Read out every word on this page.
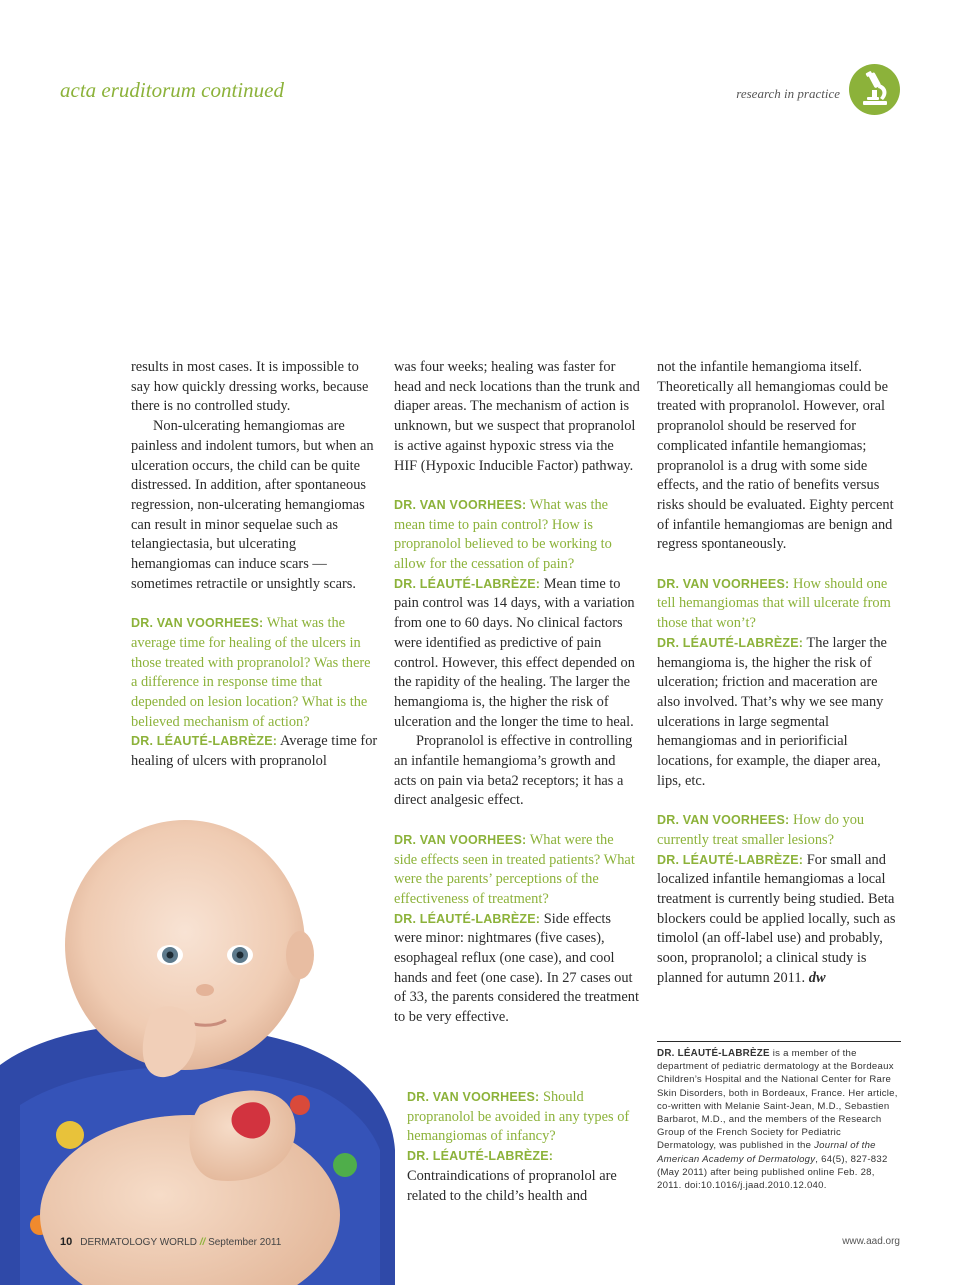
acta eruditorum continued	research in practice

results in most cases. It is impossible to say how quickly dressing works, because there is no controlled study.

Non-ulcerating hemangiomas are painless and indolent tumors, but when an ulceration occurs, the child can be quite distressed. In addition, after spontaneous regression, non-ulcerating hemangiomas can result in minor sequelae such as telangiectasia, but ulcerating hemangiomas can induce scars — sometimes retractile or unsightly scars.

DR. VAN VOORHEES: What was the average time for healing of the ulcers in those treated with propranolol? Was there a difference in response time that depended on lesion location? What is the believed mechanism of action?

DR. LÉAUTÉ-LABRÈZE: Average time for healing of ulcers with propranolol

was four weeks; healing was faster for head and neck locations than the trunk and diaper areas. The mechanism of action is unknown, but we suspect that propranolol is active against hypoxic stress via the HIF (Hypoxic Inducible Factor) pathway.

DR. VAN VOORHEES: What was the mean time to pain control? How is propranolol believed to be working to allow for the cessation of pain?

DR. LÉAUTÉ-LABRÈZE: Mean time to pain control was 14 days, with a variation from one to 60 days. No clinical factors were identified as predictive of pain control. However, this effect depended on the rapidity of the healing. The larger the hemangioma is, the higher the risk of ulceration and the longer the time to heal.

Propranolol is effective in controlling an infantile hemangioma’s growth and acts on pain via beta2 receptors; it has a direct analgesic effect.

DR. VAN VOORHEES: What were the side effects seen in treated patients? What were the parents’ perceptions of the effectiveness of treatment?

DR. LÉAUTÉ-LABRÈZE: Side effects were minor: nightmares (five cases), esophageal reflux (one case), and cool hands and feet (one case). In 27 cases out of 33, the parents considered the treatment to be very effective.

DR. VAN VOORHEES: Should propranolol be avoided in any types of hemangiomas of infancy?

DR. LÉAUTÉ-LABRÈZE:

Contraindications of propranolol are related to the child’s health and

not the infantile hemangioma itself. Theoretically all hemangiomas could be treated with propranolol. However, oral propranolol should be reserved for complicated infantile hemangiomas; propranolol is a drug with some side effects, and the ratio of benefits versus risks should be evaluated. Eighty percent of infantile hemangiomas are benign and regress spontaneously.

DR. VAN VOORHEES: How should one tell hemangiomas that will ulcerate from those that won’t?

DR. LÉAUTÉ-LABRÈZE: The larger the hemangioma is, the higher the risk of ulceration; friction and maceration are also involved. That’s why we see many ulcerations in large segmental hemangiomas and in periorificial locations, for example, the diaper area, lips, etc.

DR. VAN VOORHEES: How do you currently treat smaller lesions?

DR. LÉAUTÉ-LABRÈZE: For small and localized infantile hemangiomas a local treatment is currently being studied. Beta blockers could be applied locally, such as timolol (an off-label use) and probably, soon, propranolol; a clinical study is planned for autumn 2011. dw

DR. LÉAUTÉ-LABRÈZE is a member of the department of pediatric dermatology at the Bordeaux Children’s Hospital and the National Center for Rare Skin Disorders, both in Bordeaux, France. Her article, co-written with Melanie Saint-Jean, M.D., Sebastien Barbarot, M.D., and the members of the Research Group of the French Society for Pediatric Dermatology, was published in the Journal of the American Academy of Dermatology, 64(5), 827-832 (May 2011) after being published online Feb. 28, 2011. doi:10.1016/j.jaad.2010.12.040.
10 DERMATOLOGY WORLD // September 2011	www.aad.org
